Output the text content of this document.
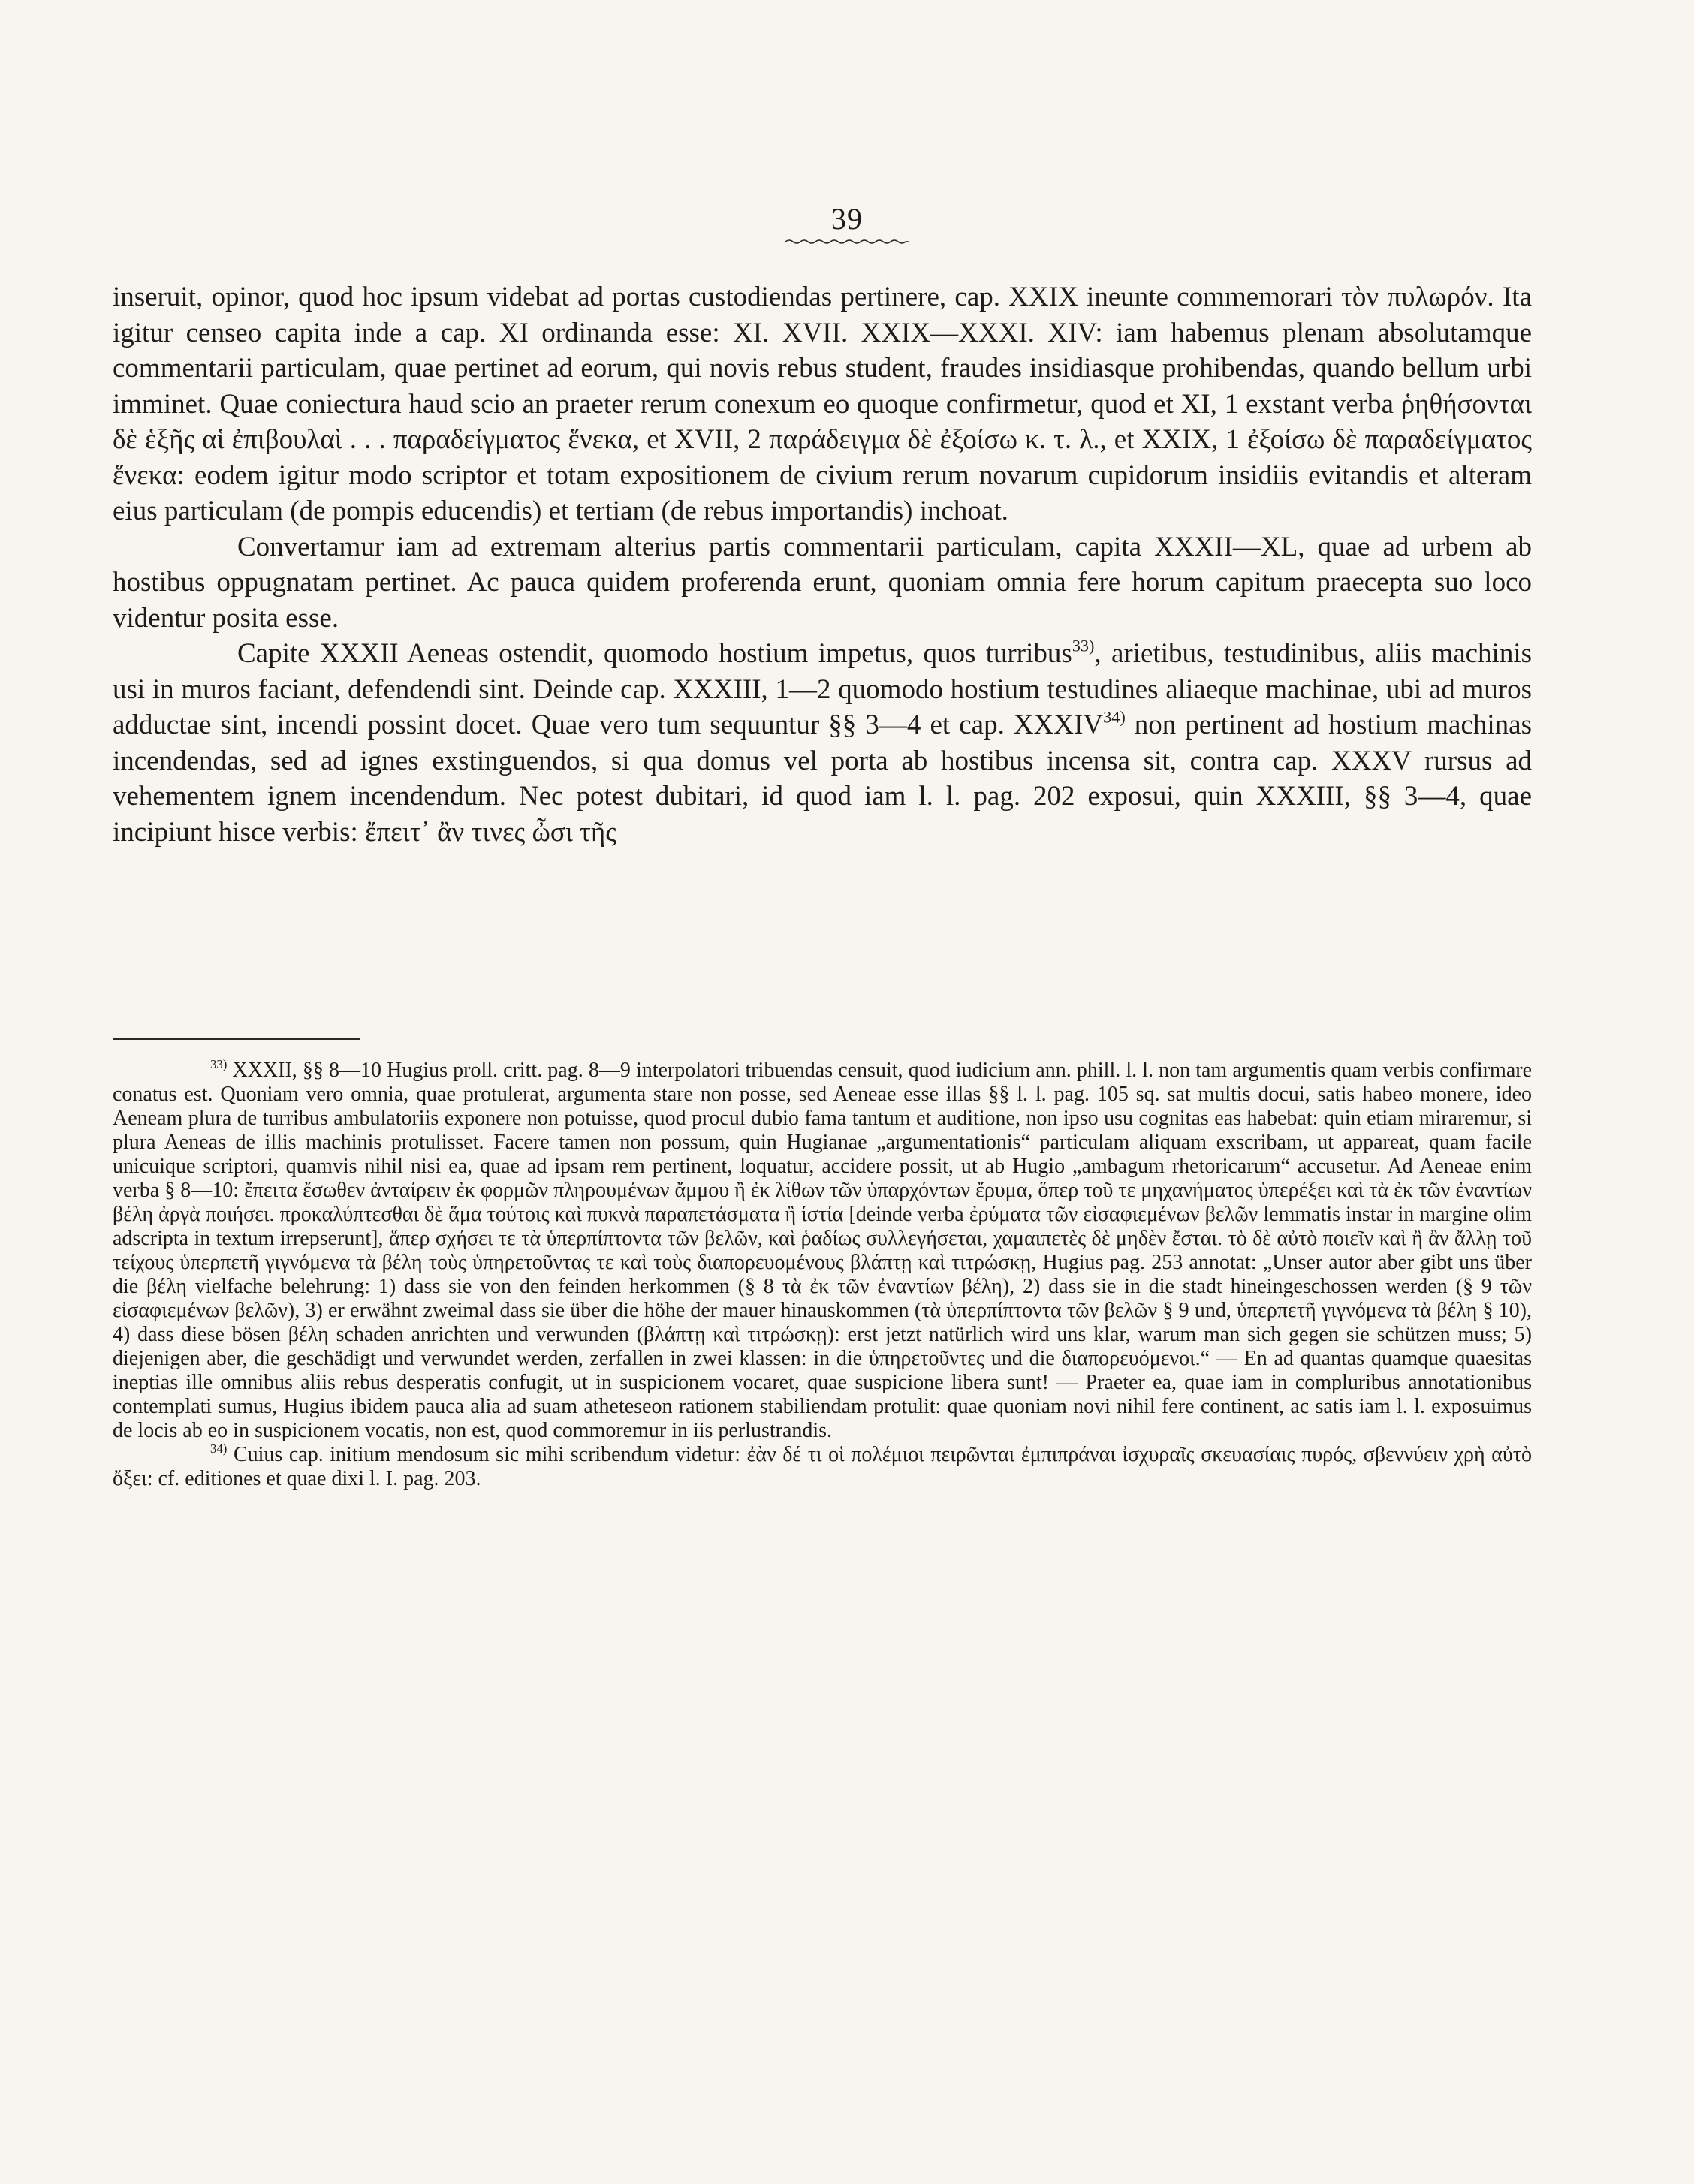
39

inseruit, opinor, quod hoc ipsum videbat ad portas custodiendas pertinere, cap. XXIX ineunte commemorari τὸν πυλωρόν. Ita igitur censeo capita inde a cap. XI ordinanda esse: XI. XVII. XXIX—XXXI. XIV: iam habemus plenam absolutamque commentarii particulam, quae pertinet ad eorum, qui novis rebus student, fraudes insidiasque prohibendas, quando bellum urbi imminet. Quae coniectura haud scio an praeter rerum conexum eo quoque confirmetur, quod et XI, 1 exstant verba ῥηθήσονται δὲ ἑξῆς αἱ ἐπιβουλαὶ . . . παραδείγματος ἕνεκα, et XVII, 2 παράδειγμα δὲ ἐξοίσω κ. τ. λ., et XXIX, 1 ἐξοίσω δὲ παραδείγματος ἕνεκα: eodem igitur modo scriptor et totam expositionem de civium rerum novarum cupidorum insidiis evitandis et alteram eius particulam (de pompis educendis) et tertiam (de rebus importandis) inchoat.

Convertamur iam ad extremam alterius partis commentarii particulam, capita XXXII—XL, quae ad urbem ab hostibus oppugnatam pertinet. Ac pauca quidem proferenda erunt, quoniam omnia fere horum capitum praecepta suo loco videntur posita esse.

Capite XXXII Aeneas ostendit, quomodo hostium impetus, quos turribus$^{33)}$, arietibus, testudinibus, aliis machinis usi in muros faciant, defendendi sint. Deinde cap. XXXIII, 1—2 quomodo hostium testudines aliaeque machinae, ubi ad muros adductae sint, incendi possint docet. Quae vero tum sequuntur §§ 3—4 et cap. XXXIV$^{34)}$ non pertinent ad hostium machinas incendendas, sed ad ignes exstinguendos, si qua domus vel porta ab hostibus incensa sit, contra cap. XXXV rursus ad vehementem ignem incendendum. Nec potest dubitari, id quod iam l. l. pag. 202 exposui, quin XXXIII, §§ 3—4, quae incipiunt hisce verbis: ἔπειτ᾽ ἂν τινες ὦσι τῆς

$^{33)}$ XXXII, §§ 8—10 Hugius proll. critt. pag. 8—9 interpolatori tribuendas censuit, quod iudicium ann. phill. l. l. non tam argumentis quam verbis confirmare conatus est. Quoniam vero omnia, quae protulerat, argumenta stare non posse, sed Aeneae esse illas §§ l. l. pag. 105 sq. sat multis docui, satis habeo monere, ideo Aeneam plura de turribus ambulatoriis exponere non potuisse, quod procul dubio fama tantum et auditione, non ipso usu cognitas eas habebat: quin etiam miraremur, si plura Aeneas de illis machinis protulisset. Facere tamen non possum, quin Hugianae „argumentationis“ particulam aliquam exscribam, ut appareat, quam facile unicuique scriptori, quamvis nihil nisi ea, quae ad ipsam rem pertinent, loquatur, accidere possit, ut ab Hugio „ambagum rhetoricarum“ accusetur. Ad Aeneae enim verba § 8—10: ἔπειτα ἔσωθεν ἀνταίρειν ἐκ φορμῶν πληρουμένων ἄμμου ἢ ἐκ λίθων τῶν ὑπαρχόντων ἔρυμα, ὅπερ τοῦ τε μηχανήματος ὑπερέξει καὶ τὰ ἐκ τῶν ἐναντίων βέλη ἀργὰ ποιήσει. προκαλύπτεσθαι δὲ ἅμα τούτοις καὶ πυκνὰ παραπετάσματα ἢ ἱστία [deinde verba ἐρύματα τῶν εἰσαφιεμένων βελῶν lemmatis instar in margine olim adscripta in textum irrepserunt], ἅπερ σχήσει τε τὰ ὑπερπίπτοντα τῶν βελῶν, καὶ ῥαδίως συλλεγήσεται, χαμαιπετὲς δὲ μηδὲν ἔσται. τὸ δὲ αὐτὸ ποιεῖν καὶ ἢ ἂν ἄλλῃ τοῦ τείχους ὑπερπετῆ γιγνόμενα τὰ βέλη τοὺς ὑπηρετοῦντας τε καὶ τοὺς διαπορευομένους βλάπτῃ καὶ τιτρώσκῃ, Hugius pag. 253 annotat: „Unser autor aber gibt uns über die βέλη vielfache belehrung: 1) dass sie von den feinden herkommen (§ 8 τὰ ἐκ τῶν ἐναντίων βέλη), 2) dass sie in die stadt hineingeschossen werden (§ 9 τῶν εἰσαφιεμένων βελῶν), 3) er erwähnt zweimal dass sie über die höhe der mauer hinauskommen (τὰ ὑπερπίπτοντα τῶν βελῶν § 9 und, ὑπερπετῆ γιγνόμενα τὰ βέλη § 10), 4) dass diese bösen βέλη schaden anrichten und verwunden (βλάπτῃ καὶ τιτρώσκῃ): erst jetzt natürlich wird uns klar, warum man sich gegen sie schützen muss; 5) diejenigen aber, die geschädigt und verwundet werden, zerfallen in zwei klassen: in die ὑπηρετοῦντες und die διαπορευόμενοι.“ — En ad quantas quamque quaesitas ineptias ille omnibus aliis rebus desperatis confugit, ut in suspicionem vocaret, quae suspicione libera sunt! — Praeter ea, quae iam in compluribus annotationibus contemplati sumus, Hugius ibidem pauca alia ad suam atheteseon rationem stabiliendam protulit: quae quoniam novi nihil fere continent, ac satis iam l. l. exposuimus de locis ab eo in suspicionem vocatis, non est, quod commoremur in iis perlustrandis.

$^{34)}$ Cuius cap. initium mendosum sic mihi scribendum videtur: ἐὰν δέ τι οἱ πολέμιοι πειρῶνται ἐμπιπράναι ἰσχυραῖς σκευασίαις πυρός, σβεννύειν χρὴ αὐτὸ ὄξει: cf. editiones et quae dixi l. I. pag. 203.
